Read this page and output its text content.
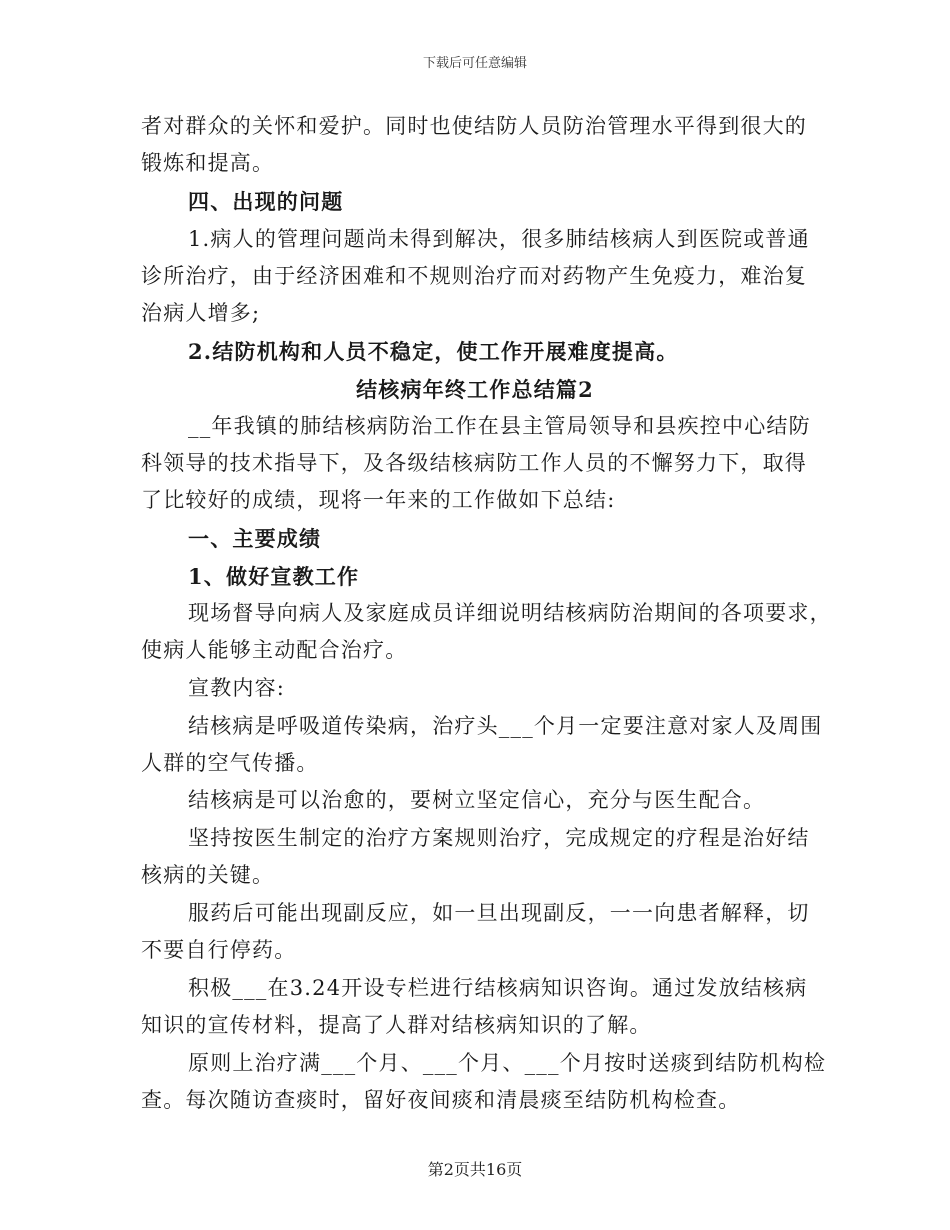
下载后可任意编辑
者对群众的关怀和爱护。同时也使结防人员防治管理水平得到很大的
锻炼和提高。
四、出现的问题
1.病人的管理问题尚未得到解决，很多肺结核病人到医院或普通
诊所治疗，由于经济困难和不规则治疗而对药物产生免疫力，难治复
治病人增多;
2.结防机构和人员不稳定，使工作开展难度提高。
结核病年终工作总结篇2
__年我镇的肺结核病防治工作在县主管局领导和县疾控中心结防
科领导的技术指导下，及各级结核病防工作人员的不懈努力下，取得
了比较好的成绩，现将一年来的工作做如下总结:
一、主要成绩
1、做好宣教工作
现场督导向病人及家庭成员详细说明结核病防治期间的各项要求，
使病人能够主动配合治疗。
宣教内容:
结核病是呼吸道传染病，治疗头___个月一定要注意对家人及周围
人群的空气传播。
结核病是可以治愈的，要树立坚定信心，充分与医生配合。
坚持按医生制定的治疗方案规则治疗，完成规定的疗程是治好结
核病的关键。
服药后可能出现副反应，如一旦出现副反，一一向患者解释，切
不要自行停药。
积极___在3.24开设专栏进行结核病知识咨询。通过发放结核病
知识的宣传材料，提高了人群对结核病知识的了解。
原则上治疗满___个月、___个月、___个月按时送痰到结防机构检
查。每次随访查痰时，留好夜间痰和清晨痰至结防机构检查。
第2页共16页
